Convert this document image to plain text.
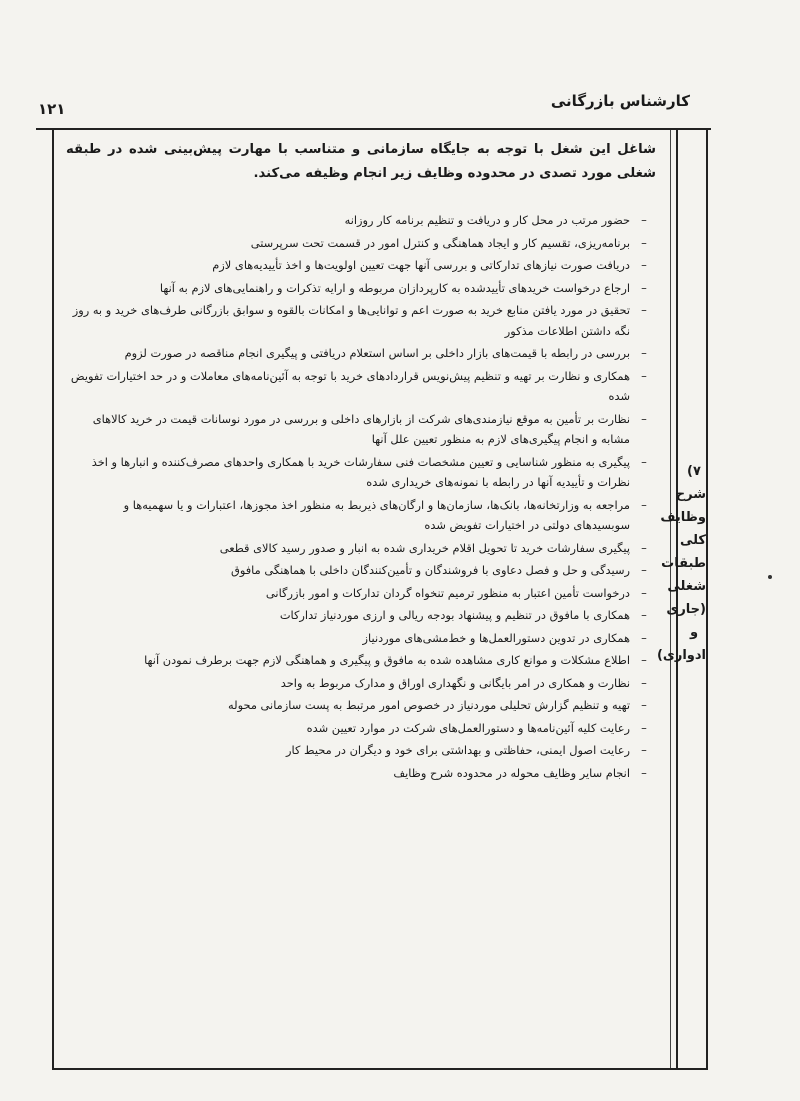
کارشناس بازرگانی
۱۲۱
شاغل این شغل با توجه به جایگاه سازمانی و متناسب با مهارت پیش‌بینی شده در طبقه شغلی مورد تصدی در محدوده وظایف زیر انجام وظیفه می‌کند.
۷) شرح
وظایف
کلی
طبقات
شغلی
(جاری و
ادواری)
–
حضور مرتب در محل کار و دریافت و تنظیم برنامه کار روزانه
–
برنامه‌ریزی، تقسیم کار و ایجاد هماهنگی و کنترل امور در قسمت تحت سرپرستی
–
دریافت صورت نیازهای تدارکاتی و بررسی آنها جهت تعیین اولویت‌ها و اخذ تأییدیه‌های لازم
–
ارجاع درخواست خریدهای تأییدشده به کارپردازان مربوطه و ارایه تذکرات و راهنمایی‌های لازم به آنها
–
تحقیق در مورد یافتن منابع خرید به صورت اعم و توانایی‌ها و امکانات بالقوه و سوابق بازرگانی طرف‌های خرید و به روز نگه داشتن اطلاعات مذکور
–
بررسی در رابطه با قیمت‌های بازار داخلی بر اساس استعلام دریافتی و پیگیری انجام مناقصه در صورت لزوم
–
همکاری و نظارت بر تهیه و تنظیم پیش‌نویس قراردادهای خرید با توجه به آئین‌نامه‌های معاملات و در حد اختیارات تفویض شده
–
نظارت بر تأمین به موقع نیازمندی‌های شرکت از بازارهای داخلی و بررسی در مورد نوسانات قیمت در خرید کالاهای مشابه و انجام پیگیری‌های لازم به منظور تعیین علل آنها
–
پیگیری به منظور شناسایی و تعیین مشخصات فنی سفارشات خرید با همکاری واحدهای مصرف‌کننده و انبارها و اخذ نظرات و تأییدیه آنها در رابطه با نمونه‌های خریداری شده
–
مراجعه به وزارتخانه‌ها، بانک‌ها، سازمان‌ها و ارگان‌های ذیربط به منظور اخذ مجوزها، اعتبارات و یا سهمیه‌ها و سوبسیدهای دولتی در اختیارات تفویض شده
–
پیگیری سفارشات خرید تا تحویل اقلام خریداری شده به انبار و صدور رسید کالای قطعی
–
رسیدگی و حل و فصل دعاوی با فروشندگان و تأمین‌کنندگان داخلی با هماهنگی مافوق
–
درخواست تأمین اعتبار به منظور ترمیم تنخواه گردان تدارکات و امور بازرگانی
–
همکاری با مافوق در تنظیم و پیشنهاد بودجه ریالی و ارزی موردنیاز تدارکات
–
همکاری در تدوین دستورالعمل‌ها و خط‌مشی‌های موردنیاز
–
اطلاع مشکلات و موانع کاری مشاهده شده به مافوق و پیگیری و هماهنگی لازم جهت برطرف نمودن آنها
–
نظارت و همکاری در امر بایگانی و نگهداری اوراق و مدارک مربوط به واحد
–
تهیه و تنظیم گزارش تحلیلی موردنیاز در خصوص امور مرتبط به پست سازمانی محوله
–
رعایت کلیه آئین‌نامه‌ها و دستورالعمل‌های شرکت در موارد تعیین شده
–
رعایت اصول ایمنی، حفاظتی و بهداشتی برای خود و دیگران در محیط کار
–
انجام سایر وظایف محوله در محدوده شرح وظایف
